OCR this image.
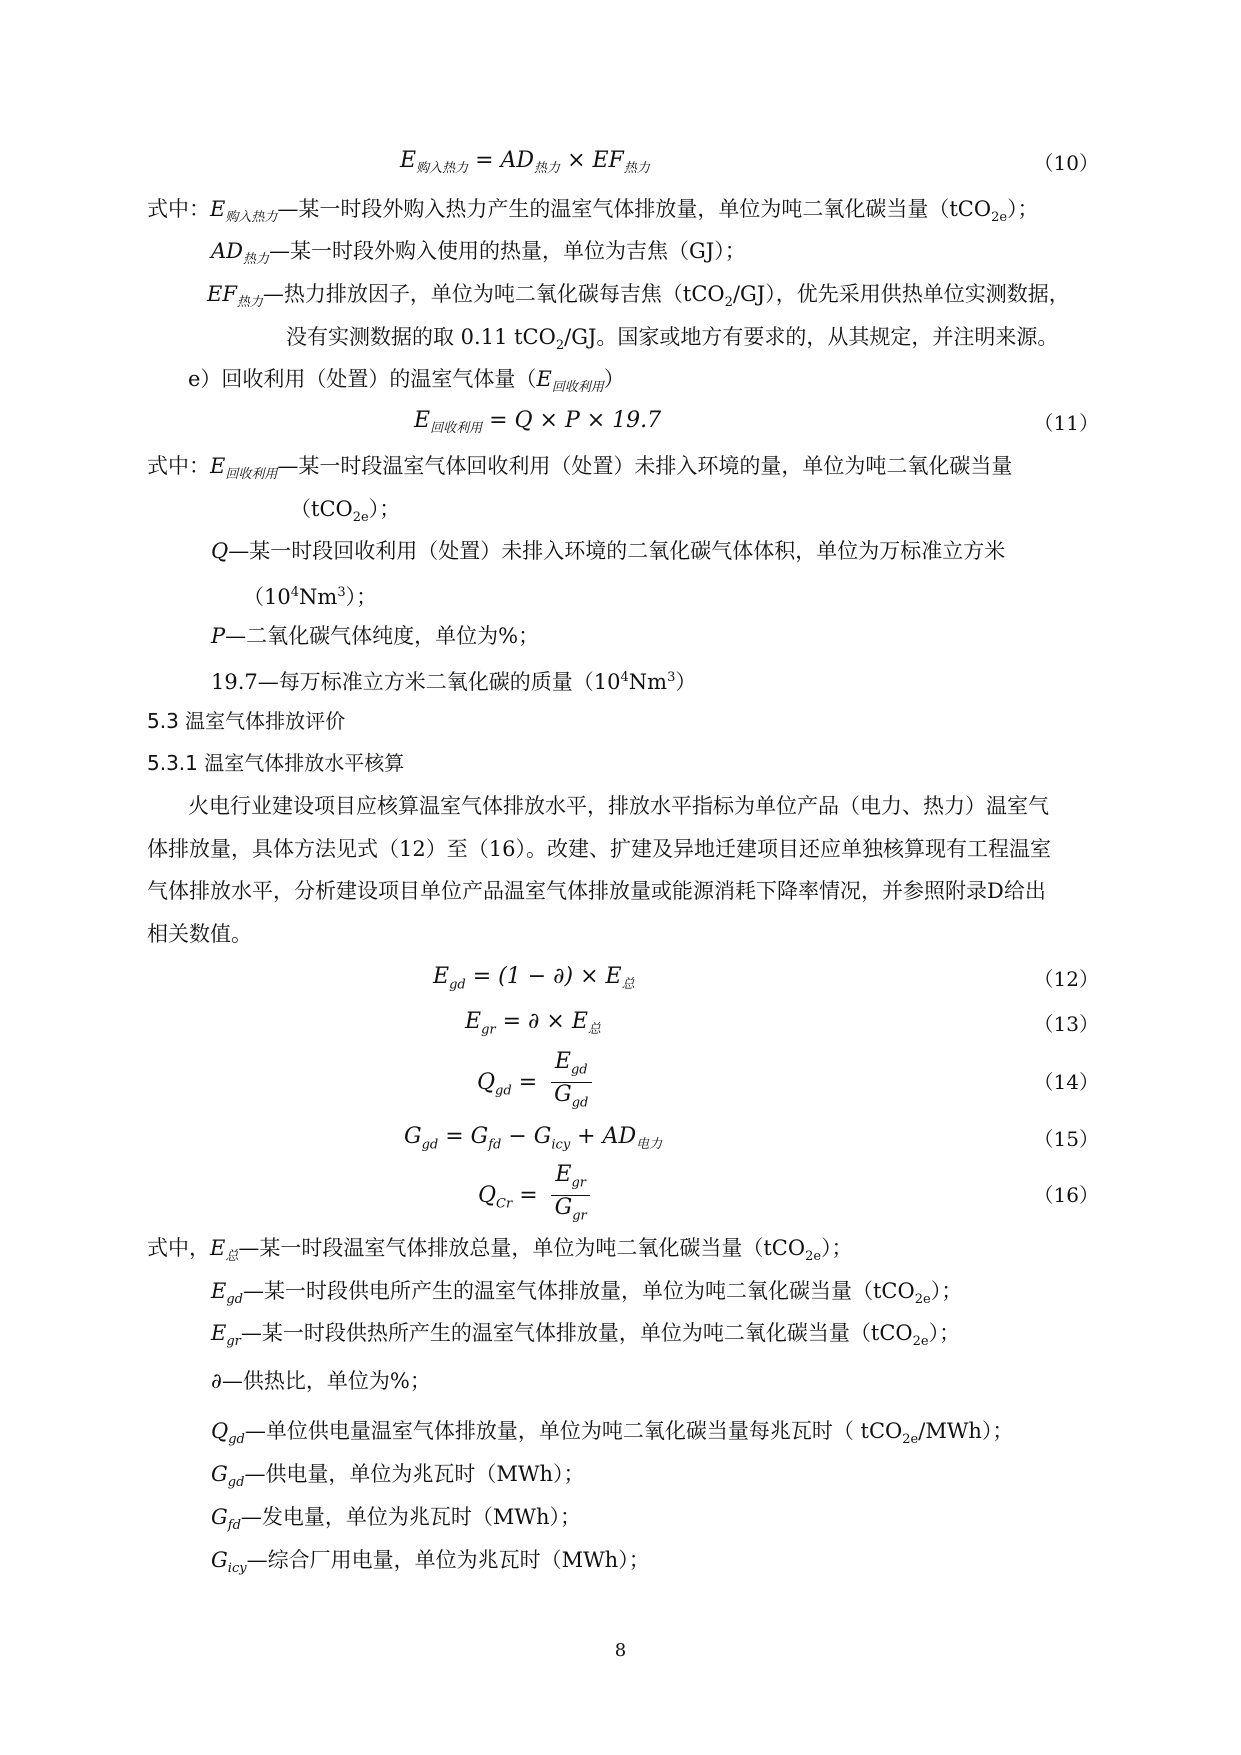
$E_{购入热力} = AD_{热力} \times EF_{热力}$	（10）
式中：$E_{购入热力}—$某一时段外购入热力产生的温室气体排放量，单位为吨二氧化碳当量（tCO$_{2e}$）；
$AD_{热力}—$某一时段外购入使用的热量，单位为吉焦（GJ）；
$EF_{热力}—$热力排放因子，单位为吨二氧化碳每吉焦（tCO$_2$/GJ），优先采用供热单位实测数据，
没有实测数据的取 0.11 tCO$_2$/GJ。国家或地方有要求的，从其规定，并注明来源。
e）回收利用（处置）的温室气体量$(E_{回收利用})$
$E_{回收利用} = Q \times P \times 19.7$	（11）
式中：$E_{回收利用}—$某一时段温室气体回收利用（处置）未排入环境的量，单位为吨二氧化碳当量
（tCO$_{2e}$）；
Q—某一时段回收利用（处置）未排入环境的二氧化碳气体体积，单位为万标准立方米
$(10^4Nm^3)$；
P—二氧化碳气体纯度，单位为%；
19.7—每万标准立方米二氧化碳的质量$(10^4Nm^3)$
5.3 温室气体排放评价
5.3.1 温室气体排放水平核算
火电行业建设项目应核算温室气体排放水平，排放水平指标为单位产品（电力、热力）温室气
体排放量，具体方法见式（12）至（16）。改建、扩建及异地迁建项目还应单独核算现有工程温室
气体排放水平，分析建设项目单位产品温室气体排放量或能源消耗下降率情况，并参照附录D给出
相关数值。
$E_{gd} = (1$ − ∂) × $E_总$	（12）
$E_{gr}$ = ∂ × $E_总$	（13）
$Q_{gd} = \frac{E_{gd}}{G_{gd}}$	（14）
$G_{gd} = G_{fd} - G_{icy} + AD_{电力}$	（15）
$Q_{Cr} = \frac{E_{gr}}{G_{gr}}$	（16）
式中，$E_总—$某一时段温室气体排放总量，单位为吨二氧化碳当量（tCO$_{2e}$）；
$E_{gd}—$某一时段供电所产生的温室气体排放量，单位为吨二氧化碳当量（tCO$_{2e}$）；
$E_{gr}—$某一时段供热所产生的温室气体排放量，单位为吨二氧化碳当量（tCO$_{2e}$）；
∂—供热比，单位为%；
$Q_{gd}—$单位供电量温室气体排放量，单位为吨二氧化碳当量每兆瓦时（ tCO$_{2e}$/MWh）；
$G_{gd}—$供电量，单位为兆瓦时（MWh）；
$G_{fd}—$发电量，单位为兆瓦时（MWh）；
$G_{icy}—$综合厂用电量，单位为兆瓦时（MWh）；
8
